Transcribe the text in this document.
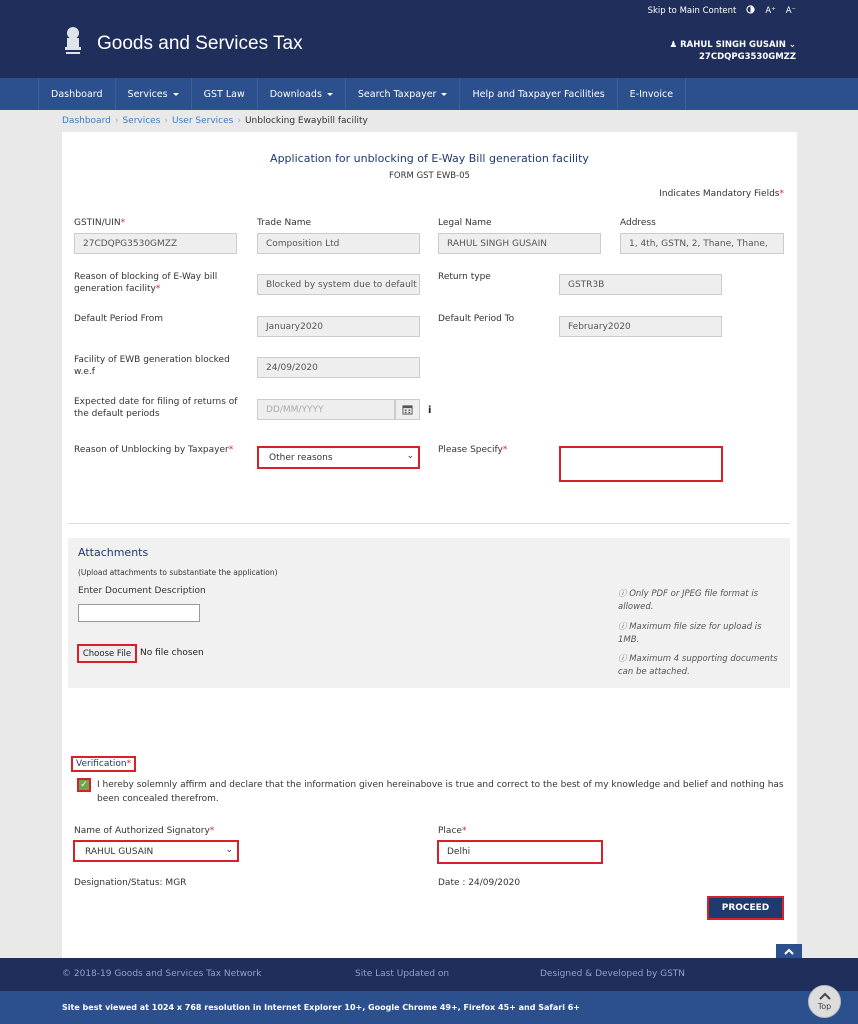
Skip to Main Content	A⁺ A⁻
Goods and Services Tax	♟ RAHUL SINGH GUSAIN ⌄
27CDQPG3530GMZZ
Dashboard	Services	GST Law	Downloads	Search Taxpayer	Help and Taxpayer Facilities	E-Invoice
Dashboard › Services › User Services › Unblocking Ewaybill facility
Application for unblocking of E-Way Bill generation facility
FORM GST EWB-05
Indicates Mandatory Fields*
GSTIN/UIN*
27CDQPG3530GMZZ
Trade Name
Composition Ltd
Legal Name
RAHUL SINGH GUSAIN
Address
1, 4th, GSTN, 2, Thane, Thane,
Reason of blocking of E-Way bill generation facility*	Blocked by system due to default
Return type
GSTR3B
Default Period From
January2020
Default Period To
February2020
Facility of EWB generation blocked w.e.f	24/09/2020
Expected date for filing of returns of the default periods	DD/MM/YYYY	i
Reason of Unblocking by Taxpayer*
Other reasons	⌄
Please Specify*
Attachments
(Upload attachments to substantiate the application)
Enter Document Description
Choose File No file chosen
ⓘ Only PDF or JPEG file format is allowed.
ⓘ Maximum file size for upload is 1MB.
ⓘ Maximum 4 supporting documents can be attached.
Verification*
✓	I hereby solemnly affirm and declare that the information given hereinabove is true and correct to the best of my knowledge and belief and nothing has been concealed therefrom.
Name of Authorized Signatory*
RAHUL GUSAIN	⌄
Place*
Delhi
Designation/Status: MGR	Date : 24/09/2020
PROCEED
© 2018-19 Goods and Services Tax Network	Site Last Updated on	Designed & Developed by GSTN
Site best viewed at 1024 x 768 resolution in Internet Explorer 10+, Google Chrome 49+, Firefox 45+ and Safari 6+	Top
